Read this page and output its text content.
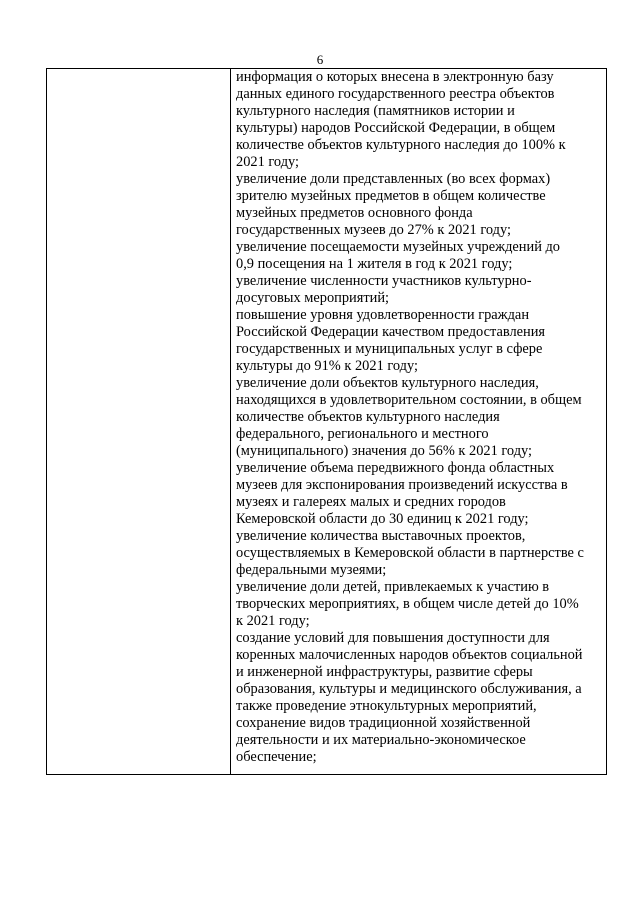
6
информация о которых внесена в электронную базу
данных единого государственного реестра объектов
культурного наследия (памятников истории и
культуры) народов Российской Федерации, в общем
количестве объектов культурного наследия до 100% к
2021 году;
увеличение доли представленных (во всех формах)
зрителю музейных предметов в общем количестве
музейных предметов основного фонда
государственных музеев до 27% к 2021 году;
увеличение посещаемости музейных учреждений до
0,9 посещения на 1 жителя в год к 2021 году;
увеличение численности участников культурно-
досуговых мероприятий;
повышение уровня удовлетворенности граждан
Российской Федерации качеством предоставления
государственных и муниципальных услуг в сфере
культуры до 91% к 2021 году;
увеличение доли объектов культурного наследия,
находящихся в удовлетворительном состоянии, в общем
количестве объектов культурного наследия
федерального, регионального и местного
(муниципального) значения до 56% к 2021 году;
увеличение объема передвижного фонда областных
музеев для экспонирования произведений искусства в
музеях и галереях малых и средних городов
Кемеровской области до 30 единиц к 2021 году;
увеличение количества выставочных проектов,
осуществляемых в Кемеровской области в партнерстве с
федеральными музеями;
увеличение доли детей, привлекаемых к участию в
творческих мероприятиях, в общем числе детей до 10%
к 2021 году;
создание условий для повышения доступности для
коренных малочисленных народов объектов социальной
и инженерной инфраструктуры, развитие сферы
образования, культуры и медицинского обслуживания, а
также проведение этнокультурных мероприятий,
сохранение видов традиционной хозяйственной
деятельности и их материально-экономическое
обеспечение;
